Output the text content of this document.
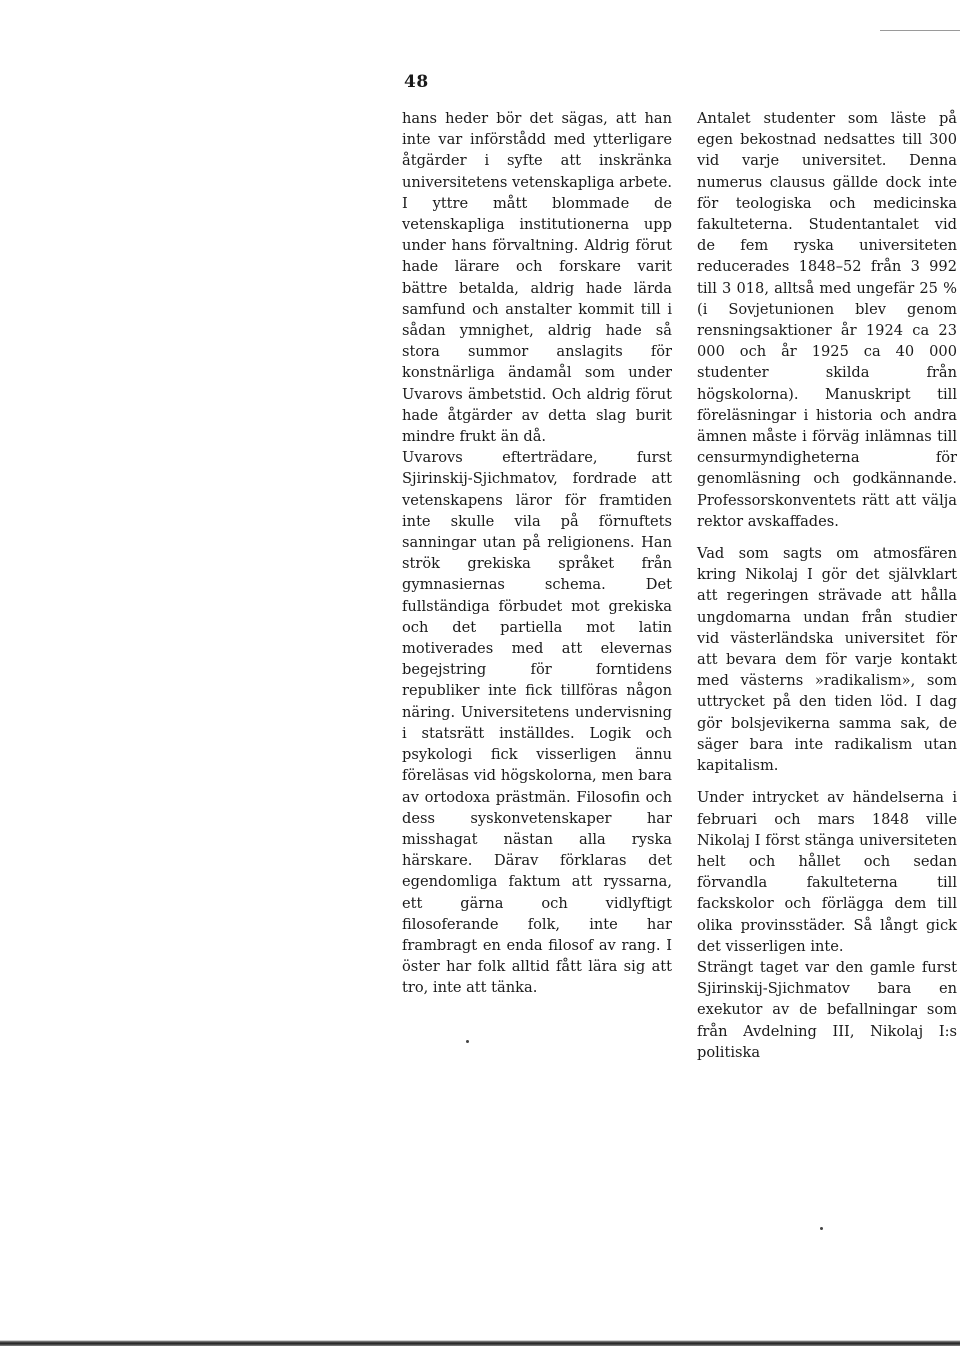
48

hans heder bör det sägas, att han inte var införstådd med ytterligare åtgärder i syfte att inskränka universitetens vetenskapliga arbete.

I yttre mått blommade de vetenskapliga institutionerna upp under hans förvaltning. Aldrig förut hade lärare och forskare varit bättre betalda, aldrig hade lärda samfund och anstalter kommit till i sådan ymnighet, aldrig hade så stora summor anslagits för konstnärliga ändamål som under Uvarovs ämbetstid. Och aldrig förut hade åtgärder av detta slag burit mindre frukt än då.

Uvarovs efterträdare, furst Sjirinskij-Sjichmatov, fordrade att vetenskapens läror för framtiden inte skulle vila på förnuftets sanningar utan på religionens. Han strök grekiska språket från gymnasiernas schema. Det fullständiga förbudet mot grekiska och det partiella mot latin motiverades med att elevernas begejstring för forntidens republiker inte fick tillföras någon näring. Universitetens undervisning i statsrätt inställdes. Logik och psykologi fick visserligen ännu föreläsas vid högskolorna, men bara av ortodoxa prästmän. Filosofin och dess syskonvetenskaper har misshagat nästan alla ryska härskare. Därav förklaras det egendomliga faktum att ryssarna, ett gärna och vidlyftigt filosoferande folk, inte har frambragt en enda filosof av rang. I öster har folk alltid fått lära sig att tro, inte att tänka.

Antalet studenter som läste på egen bekostnad nedsattes till 300 vid varje universitet. Denna numerus clausus gällde dock inte för teologiska och medicinska fakulteterna. Studentantalet vid de fem ryska universiteten reducerades 1848–52 från 3 992 till 3 018, alltså med ungefär 25 % (i Sovjetunionen blev genom rensningsaktioner år 1924 ca 23 000 och år 1925 ca 40 000 studenter skilda från högskolorna). Manuskript till föreläsningar i historia och andra ämnen måste i förväg inlämnas till censurmyndigheterna för genomläsning och godkännande. Professorskonventets rätt att välja rektor avskaffades.

Vad som sagts om atmosfären kring Nikolaj I gör det självklart att regeringen strävade att hålla ungdomarna undan från studier vid västerländska universitet för att bevara dem för varje kontakt med västerns »radikalism», som uttrycket på den tiden löd. I dag gör bolsjevikerna samma sak, de säger bara inte radikalism utan kapitalism.

Under intrycket av händelserna i februari och mars 1848 ville Nikolaj I först stänga universiteten helt och hållet och sedan förvandla fakulteterna till fackskolor och förlägga dem till olika provinsstäder. Så långt gick det visserligen inte.

Strängt taget var den gamle furst Sjirinskij-Sjichmatov bara en exekutor av de befallningar som från Avdelning III, Nikolaj I:s politiska
